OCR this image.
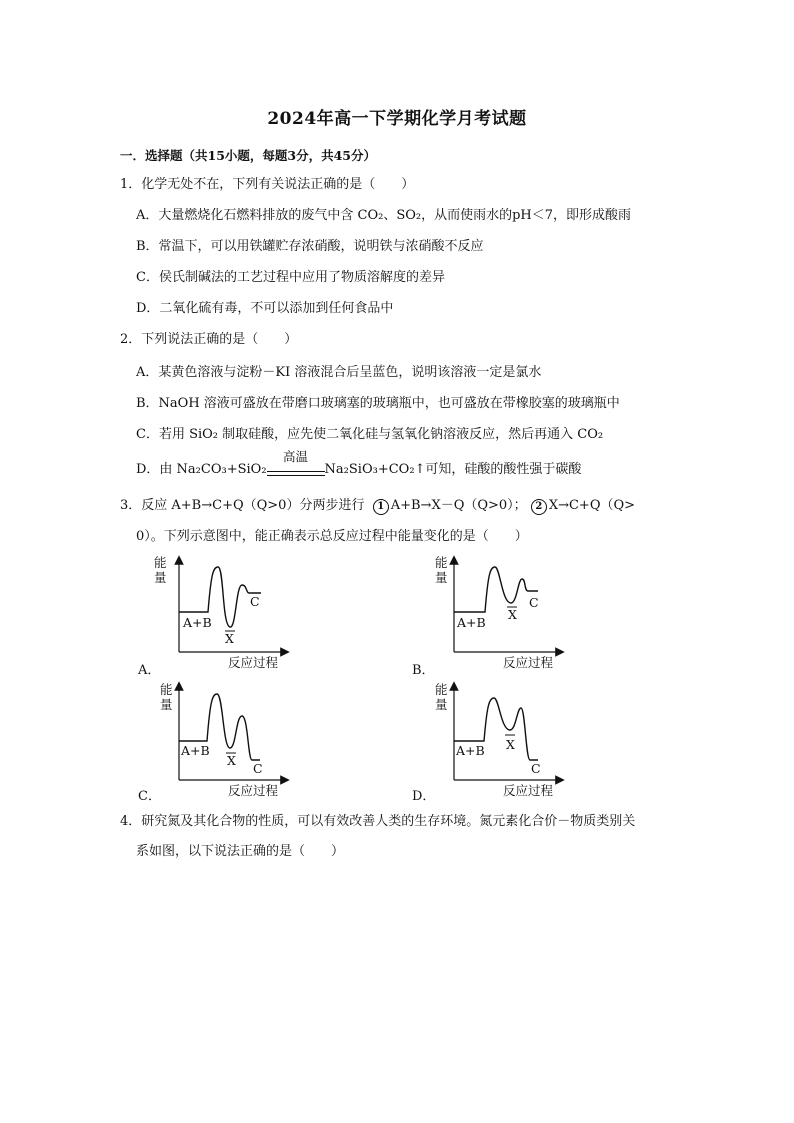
2024年高一下学期化学月考试题
一．选择题（共15小题，每题3分，共45分）
1．化学无处不在，下列有关说法正确的是（　　）
A．大量燃烧化石燃料排放的废气中含 CO₂、SO₂，从而使雨水的pH＜7，即形成酸雨
B．常温下，可以用铁罐贮存浓硝酸，说明铁与浓硝酸不反应
C．侯氏制碱法的工艺过程中应用了物质溶解度的差异
D．二氧化硫有毒，不可以添加到任何食品中
2．下列说法正确的是（　　）
A．某黄色溶液与淀粉－KI 溶液混合后呈蓝色，说明该溶液一定是氯水
B．NaOH 溶液可盛放在带磨口玻璃塞的玻璃瓶中，也可盛放在带橡胶塞的玻璃瓶中
C．若用 SiO₂ 制取硅酸，应先使二氧化硅与氢氧化钠溶液反应，然后再通入 CO₂
D．由 Na₂CO₃+SiO₂
高温
Na₂SiO₃+CO₂↑可知，硅酸的酸性强于碳酸
3．反应 A+B→C+Q（Q>0）分两步进行 1 A+B→X－Q（Q>0）； 2 X→C+Q（Q>
0）。下列示意图中，能正确表示总反应过程中能量变化的是（　　）
能
量
A+B
X
C
反应过程
A．
能
量
A+B
X
C
反应过程
B．
能
量
A+B
X
C
反应过程
C．
能
量
A+B X
C
反应过程
D．
4．研究氮及其化合物的性质，可以有效改善人类的生存环境。氮元素化合价－物质类别关
系如图，以下说法正确的是（　　）
